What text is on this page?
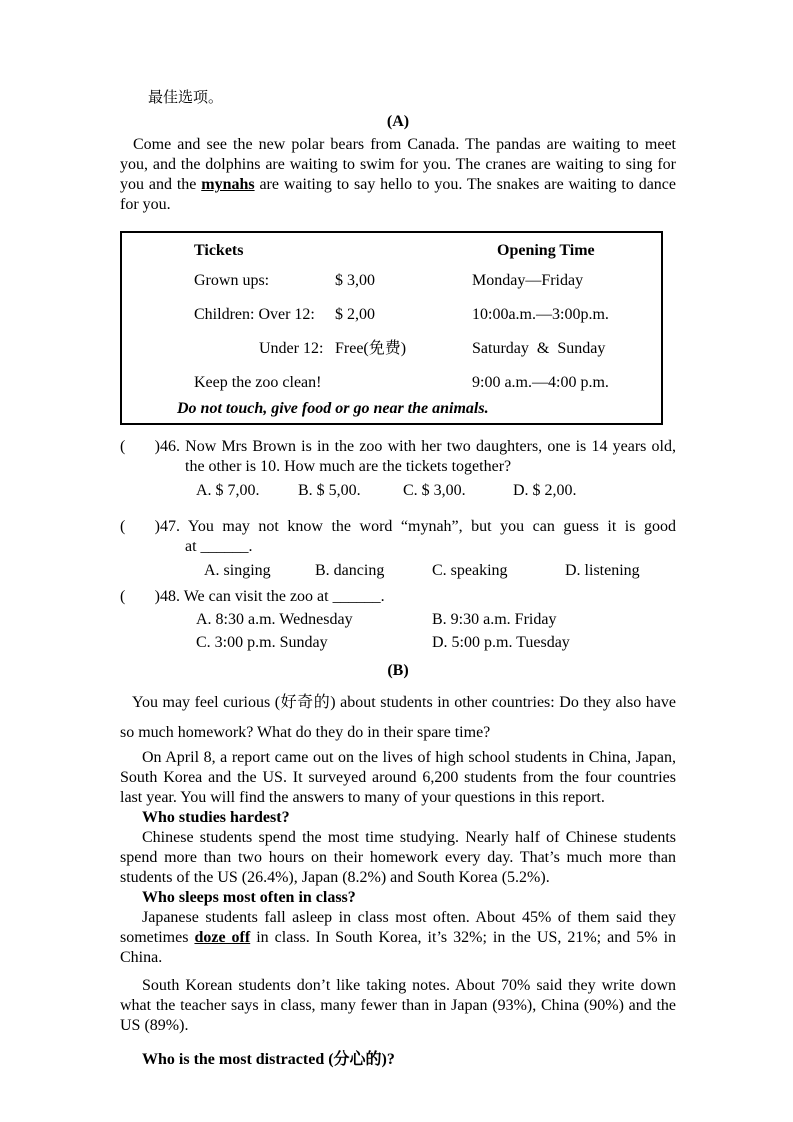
最佳选项。
(A)

Come and see the new polar bears from Canada. The pandas are waiting to meet you, and the dolphins are waiting to swim for you. The cranes are waiting to sing for you and the mynahs are waiting to say hello to you. The snakes are waiting to dance for you.

Tickets	Opening Time
Grown ups:	$ 3,00	Monday—Friday
Children: Over 12:	$ 2,00	10:00a.m.—3:00p.m.
Under 12: Free(免费)	Saturday  &  Sunday
Keep the zoo clean!	9:00 a.m.—4:00 p.m.
Do not touch, give food or go near the animals.
( ) 46. Now Mrs Brown is in the zoo with her two daughters, one is 14 years old,
the other is 10. How much are the tickets together?
A. $ 7,00.	B. $ 5,00.	C. $ 3,00.	D. $ 2,00.
( ) 47. You may not know the word “mynah”, but you can guess it is good
at ______.
A. singing	B. dancing	C. speaking	D. listening
( ) 48. We can visit the zoo at ______.
A. 8:30 a.m. Wednesday	B. 9:30 a.m. Friday
C. 3:00 p.m. Sunday	D. 5:00 p.m. Tuesday
(B)

You may feel curious (好奇的) about students in other countries: Do they also have so much homework? What do they do in their spare time?

On April 8, a report came out on the lives of high school students in China, Japan, South Korea and the US. It surveyed around 6,200 students from the four countries last year. You will find the answers to many of your questions in this report.

Who studies hardest?

Chinese students spend the most time studying. Nearly half of Chinese students spend more than two hours on their homework every day. That’s much more than students of the US (26.4%), Japan (8.2%) and South Korea (5.2%).

Who sleeps most often in class?

Japanese students fall asleep in class most often. About 45% of them said they sometimes doze off in class. In South Korea, it’s 32%; in the US, 21%; and 5% in China.

South Korean students don’t like taking notes. About 70% said they write down what the teacher says in class, many fewer than in Japan (93%), China (90%) and the US (89%).

Who is the most distracted (分心的)?
